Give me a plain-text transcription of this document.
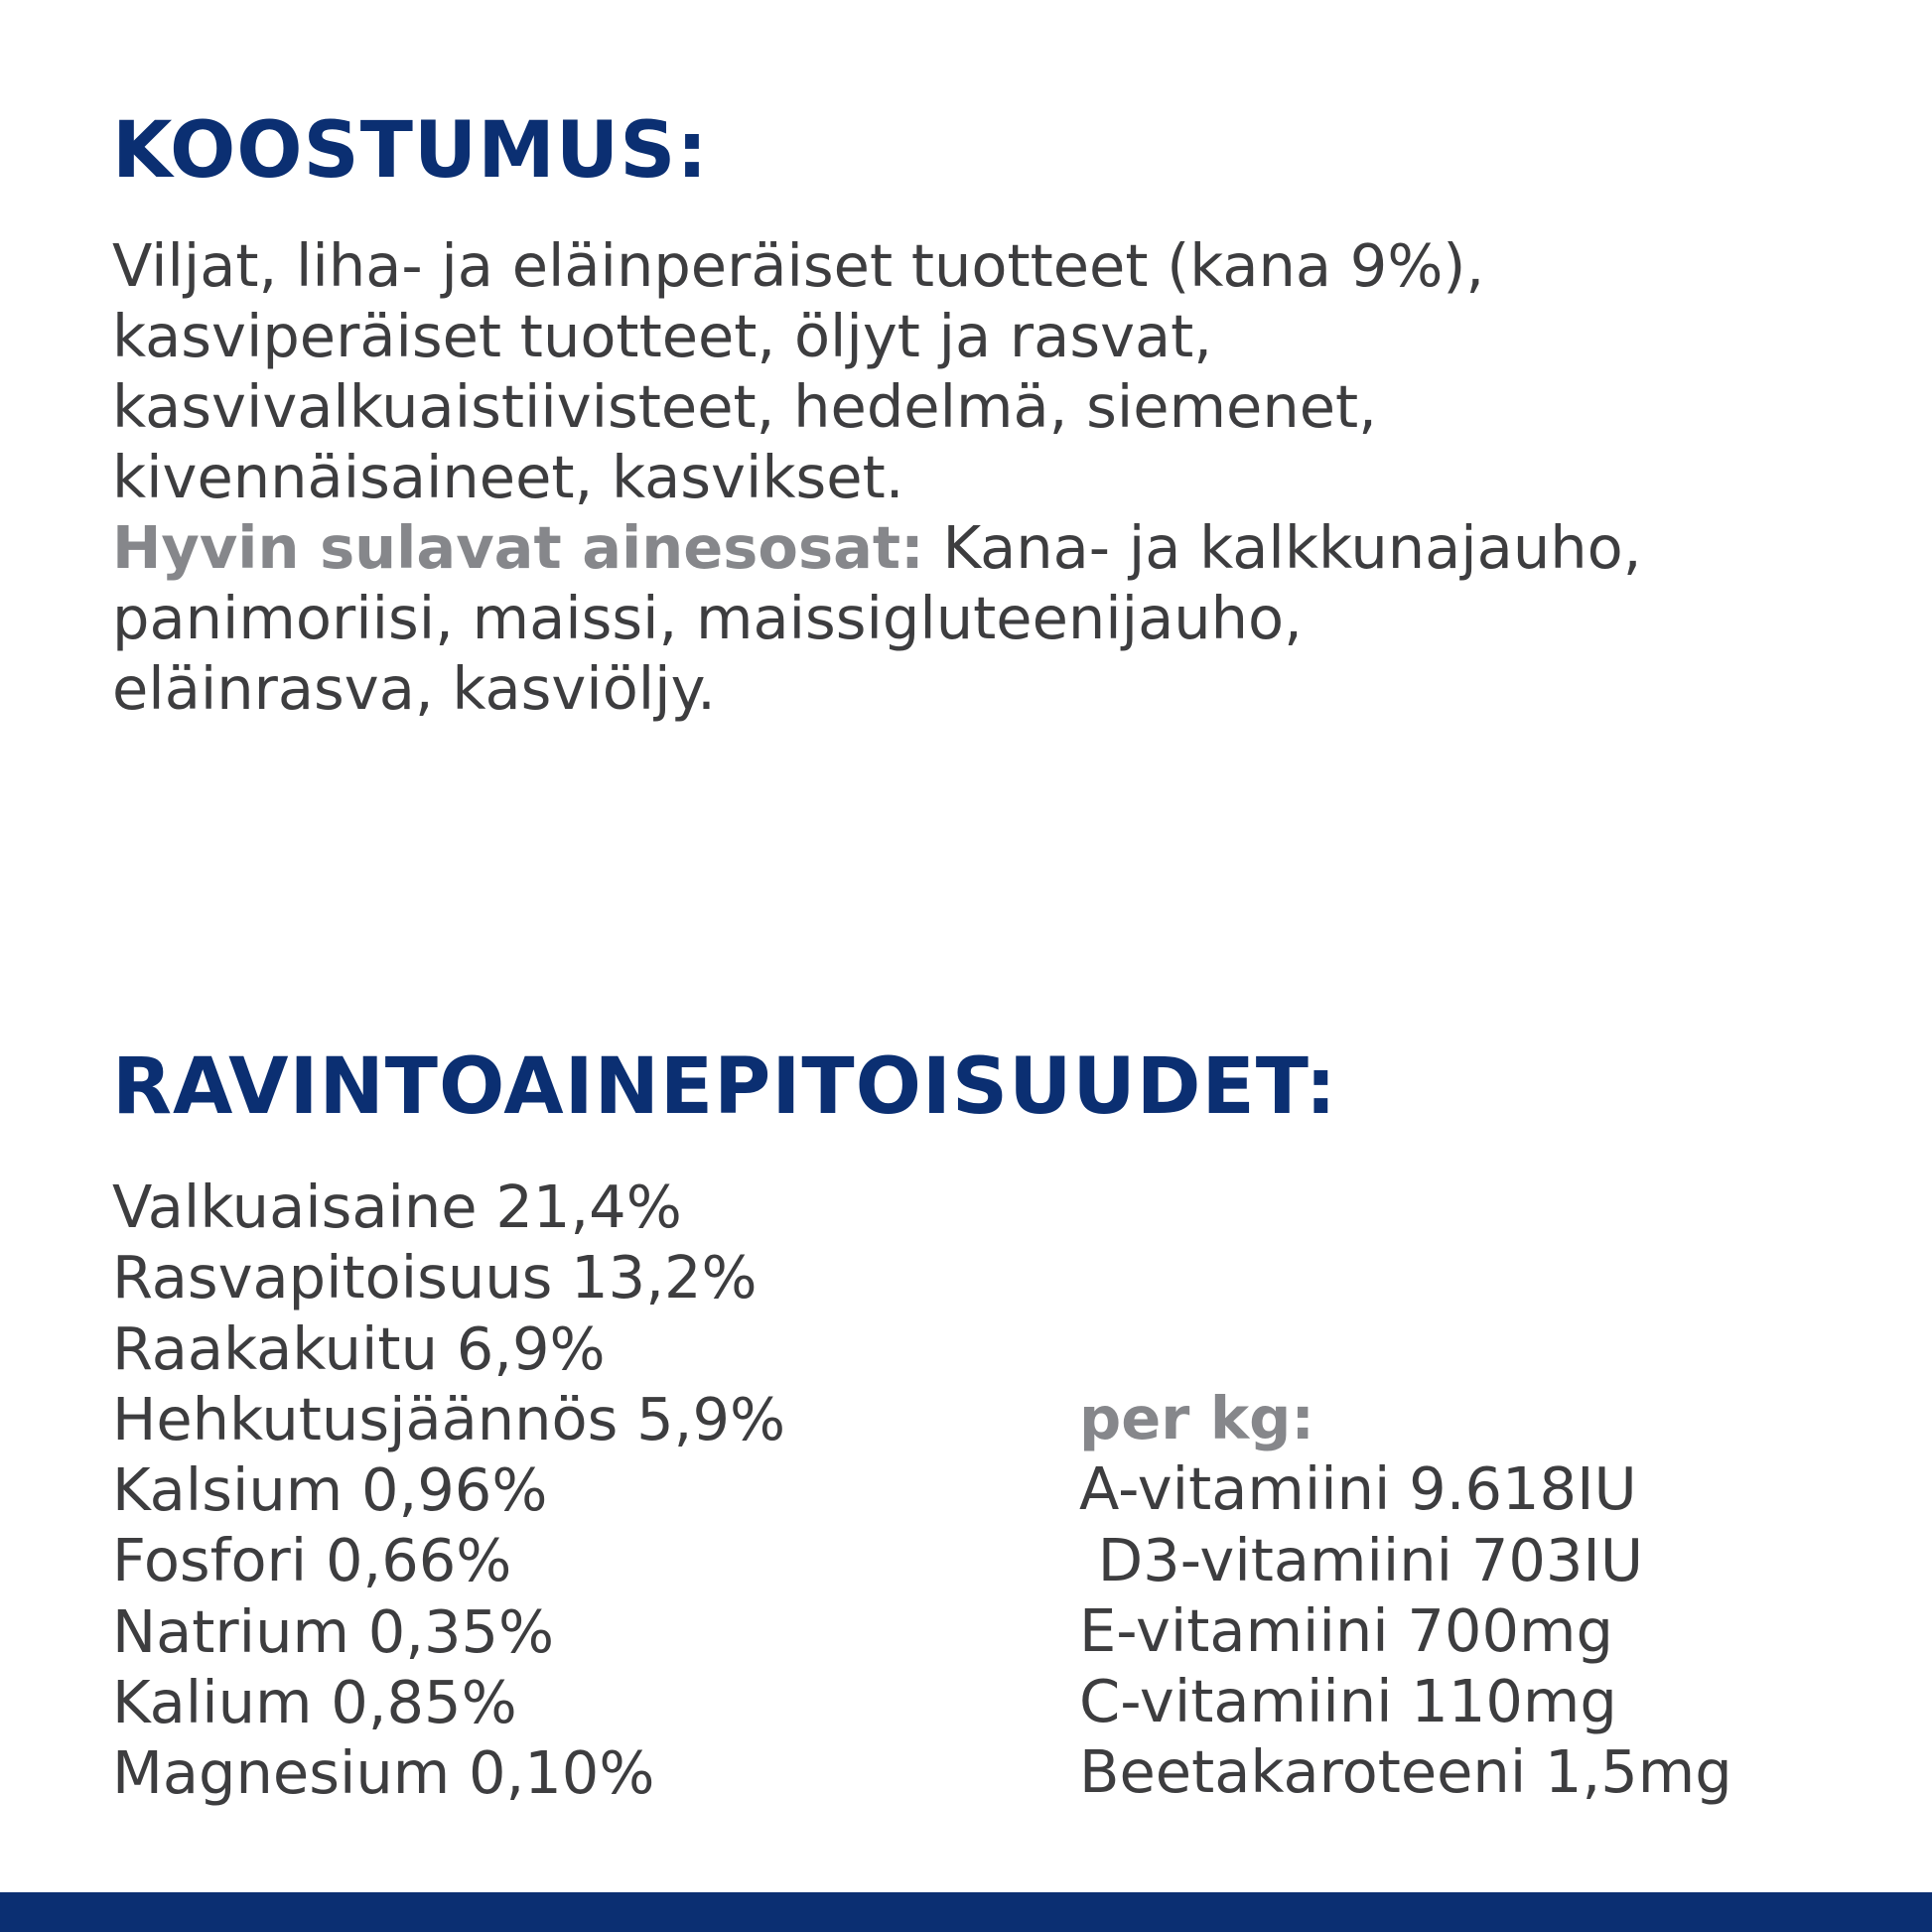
KOOSTUMUS:
Viljat, liha- ja eläinperäiset tuotteet (kana 9%),
kasviperäiset tuotteet, öljyt ja rasvat,
kasvivalkuaistiivisteet, hedelmä, siemenet,
kivennäisaineet, kasvikset.
Hyvin sulavat ainesosat: Kana- ja kalkkunajauho,
panimoriisi, maissi, maissigluteenijauho,
eläinrasva, kasviöljy.
RAVINTOAINEPITOISUUDET:
Valkuaisaine 21,4%
Rasvapitoisuus 13,2%
Raakakuitu 6,9%
Hehkutusjäännös 5,9%
Kalsium 0,96%
Fosfori 0,66%
Natrium 0,35%
Kalium 0,85%
Magnesium 0,10%
per kg:
A-vitamiini 9.618IU
D3-vitamiini 703IU
E-vitamiini 700mg
C-vitamiini 110mg
Beetakaroteeni 1,5mg
